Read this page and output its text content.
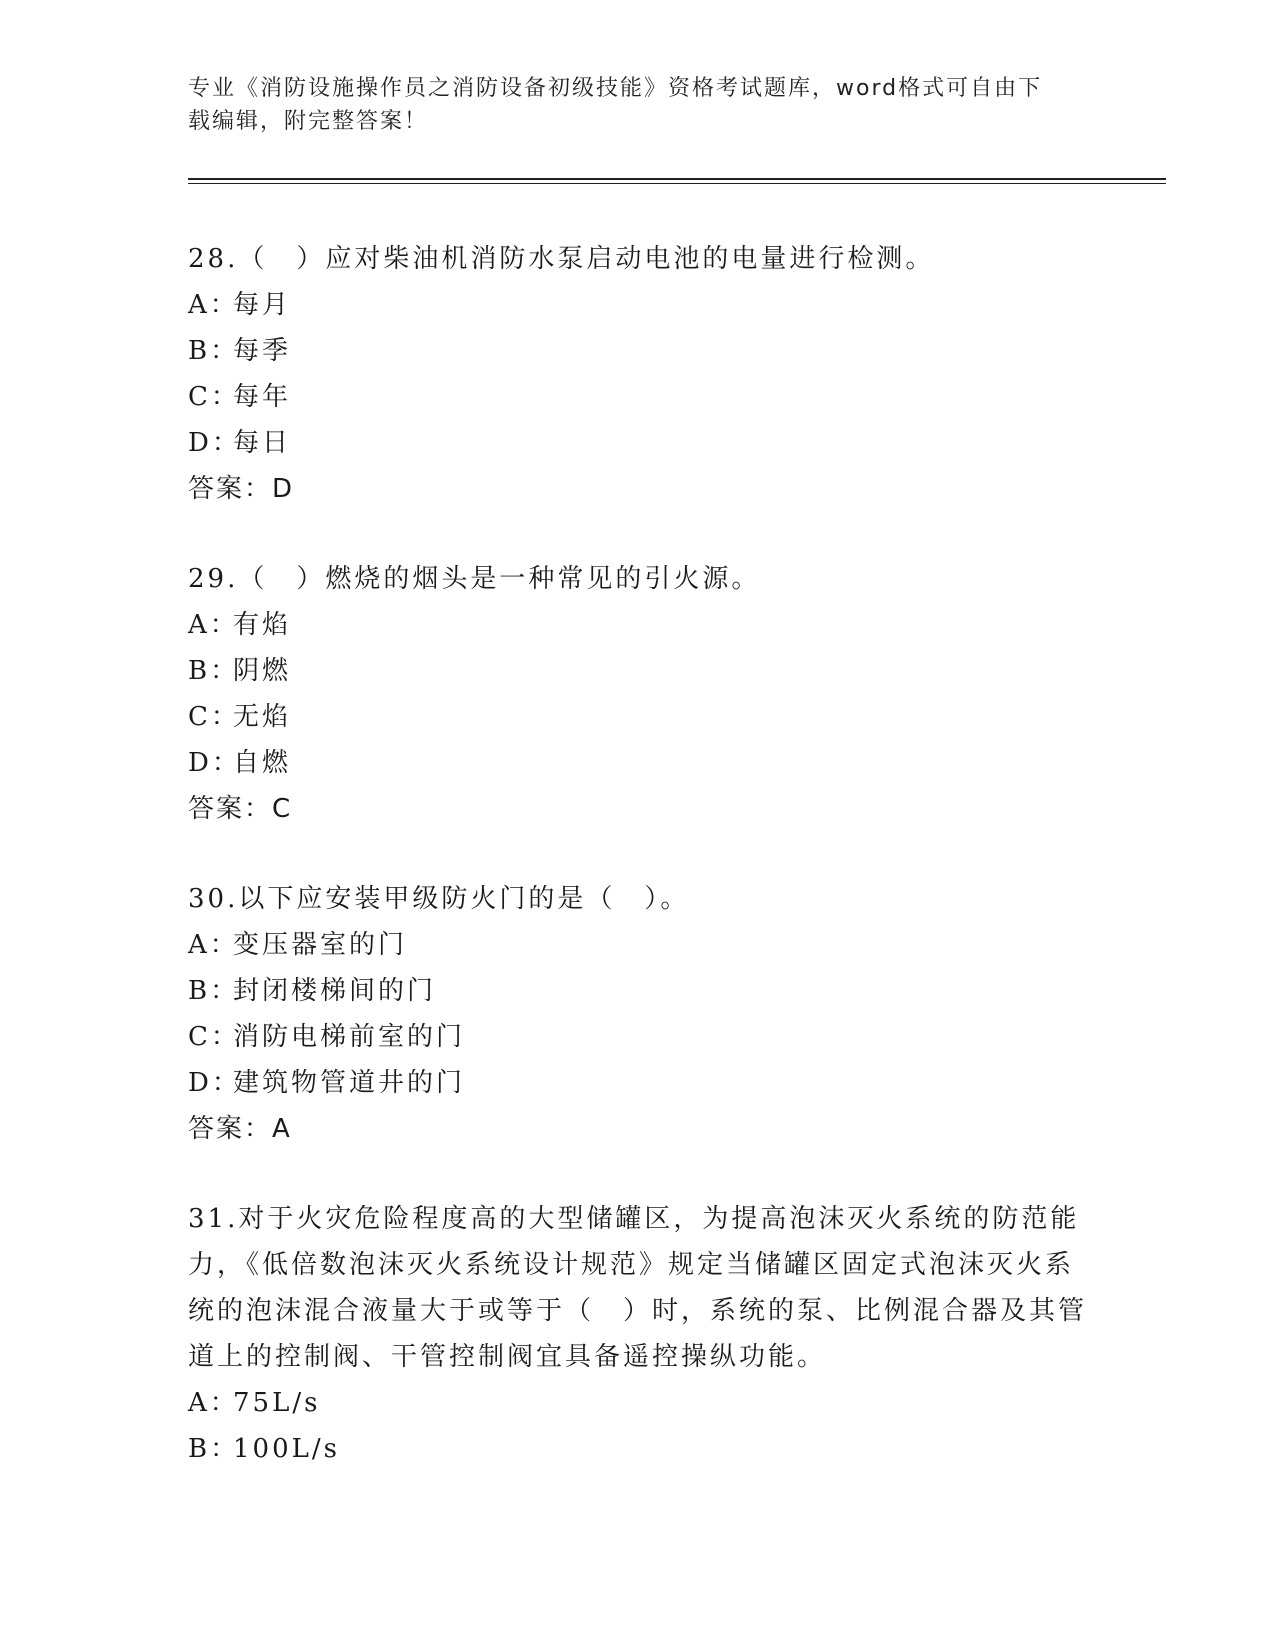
专业《消防设施操作员之消防设备初级技能》资格考试题库，word格式可自由下
载编辑，附完整答案！

28.（　）应对柴油机消防水泵启动电池的电量进行检测。

A：
每月
B：
每季
C：
每年
D：
每日
答案：D

29.（　）燃烧的烟头是一种常见的引火源。

A：
有焰
B：
阴燃
C：
无焰
D：
自燃
答案：C

30.以下应安装甲级防火门的是（　）。

A：
变压器室的门
B：
封闭楼梯间的门
C：
消防电梯前室的门
D：
建筑物管道井的门
答案：A

31.对于火灾危险程度高的大型储罐区，为提高泡沫灭火系统的防范能力，《低倍数泡沫灭火系统设计规范》规定当储罐区固定式泡沫灭火系统的泡沫混合液量大于或等于（　）时，系统的泵、比例混合器及其管道上的控制阀、干管控制阀宜具备遥控操纵功能。

A：
75L/s
B：
100L/s
